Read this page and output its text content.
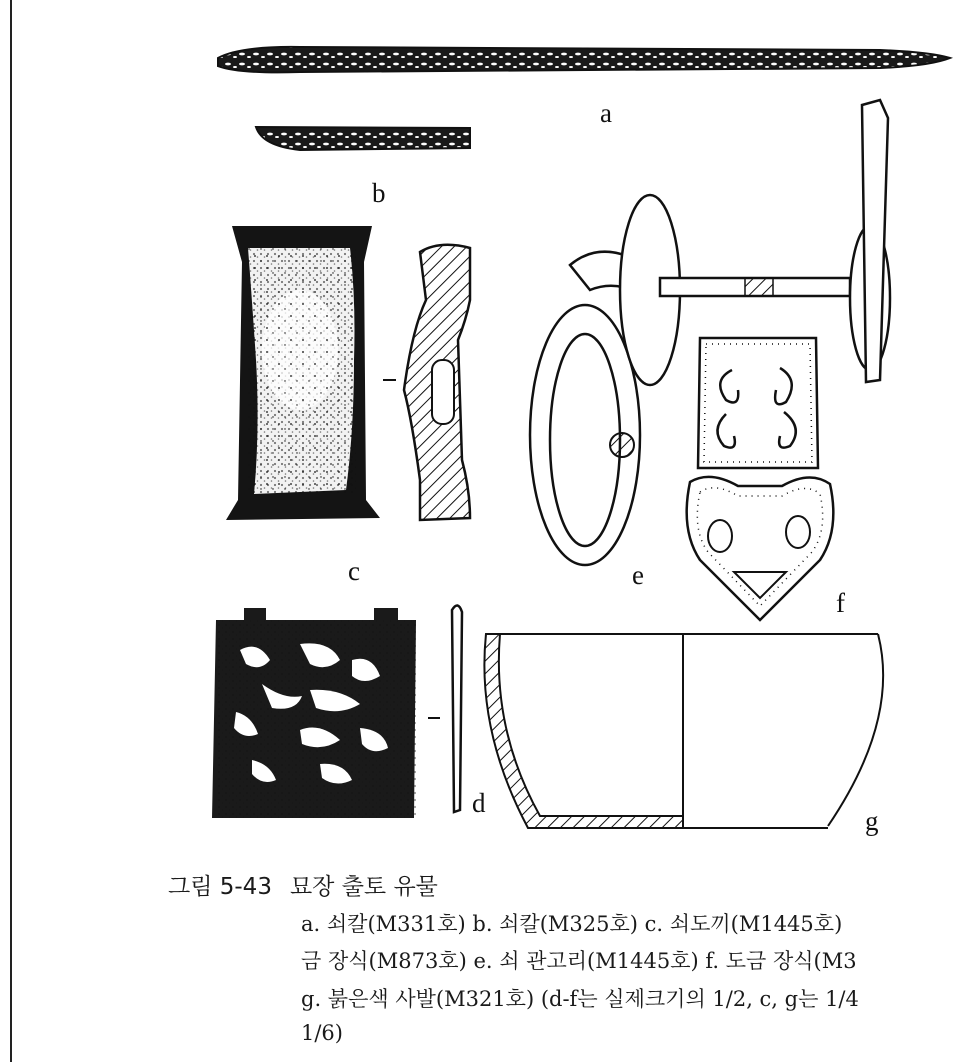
a
b
c
d
e
f
g
그림 5-43 묘장 출토 유물
a. 쇠칼(M331호) b. 쇠칼(M325호) c. 쇠도끼(M1445호)
금 장식(M873호) e. 쇠 관고리(M1445호) f. 도금 장식(M3
g. 붉은색 사발(M321호) (d-f는 실제크기의 1/2, c, g는 1/4
1/6)
